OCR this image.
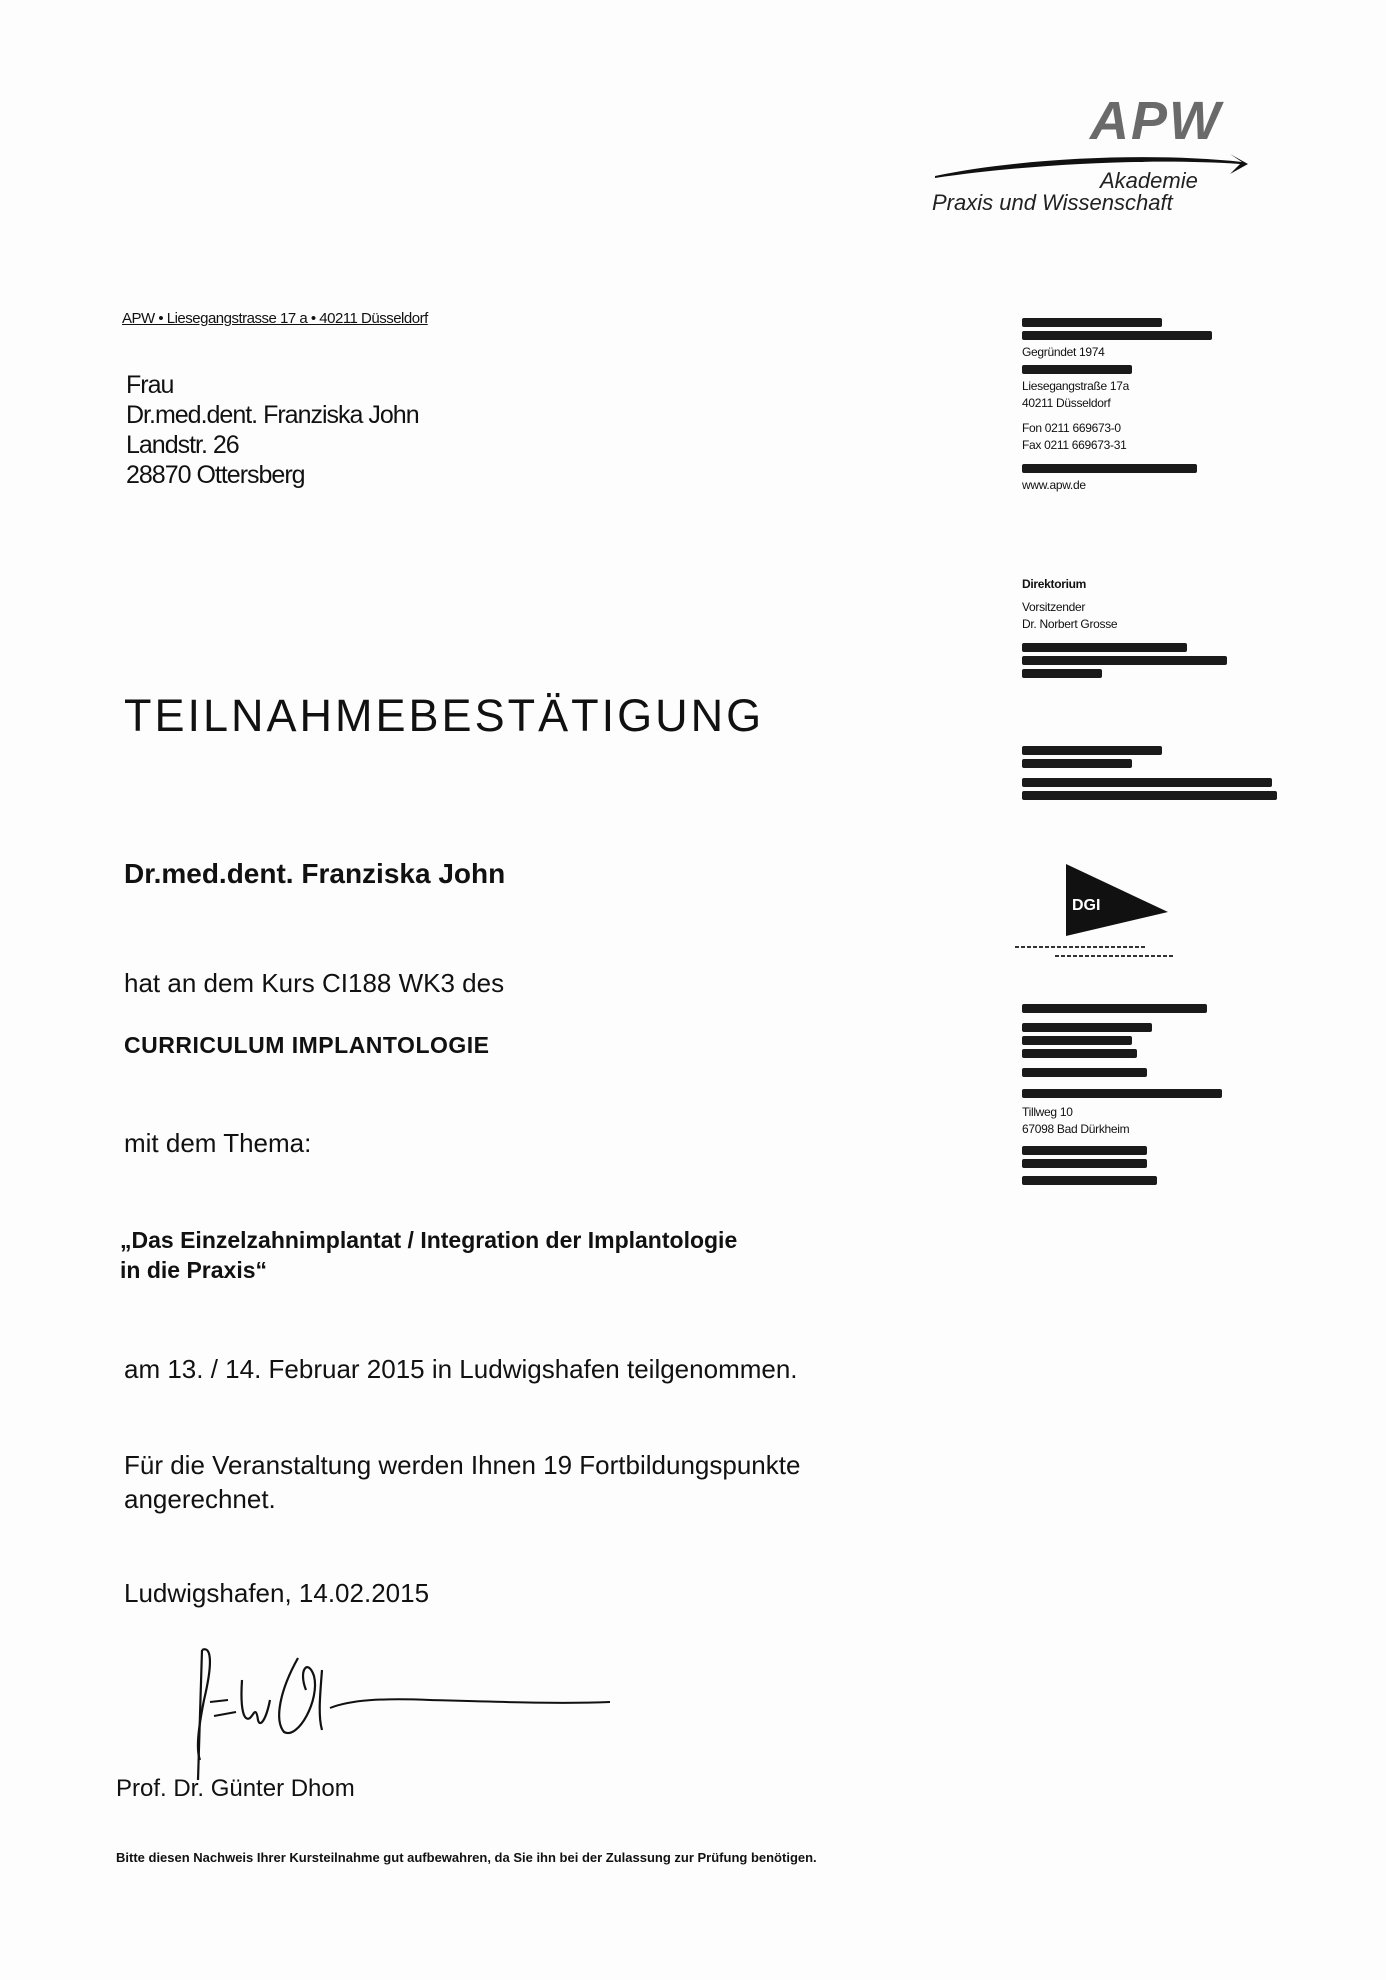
APW
Akademie
Praxis und Wissenschaft
APW • Liesegangstrasse 17 a • 40211 Düsseldorf
Frau
Dr.med.dent. Franziska John
Landstr. 26
28870 Ottersberg
Gegründet 1974
Liesegangstraße 17a
40211 Düsseldorf
Fon 0211 669673-0
Fax 0211 669673-31
www.apw.de
Direktorium
Vorsitzender
Dr. Norbert Grosse
DGI
Tillweg 10
67098 Bad Dürkheim
TEILNAHMEBESTÄTIGUNG
Dr.med.dent. Franziska John
hat an dem Kurs CI188 WK3 des
CURRICULUM IMPLANTOLOGIE
mit dem Thema:
„Das Einzelzahnimplantat / Integration der Implantologie
in die Praxis“
am 13. / 14. Februar 2015 in Ludwigshafen teilgenommen.
Für die Veranstaltung werden Ihnen 19 Fortbildungspunkte
angerechnet.
Ludwigshafen, 14.02.2015
Prof. Dr. Günter Dhom
Bitte diesen Nachweis Ihrer Kursteilnahme gut aufbewahren, da Sie ihn bei der Zulassung zur Prüfung benötigen.
